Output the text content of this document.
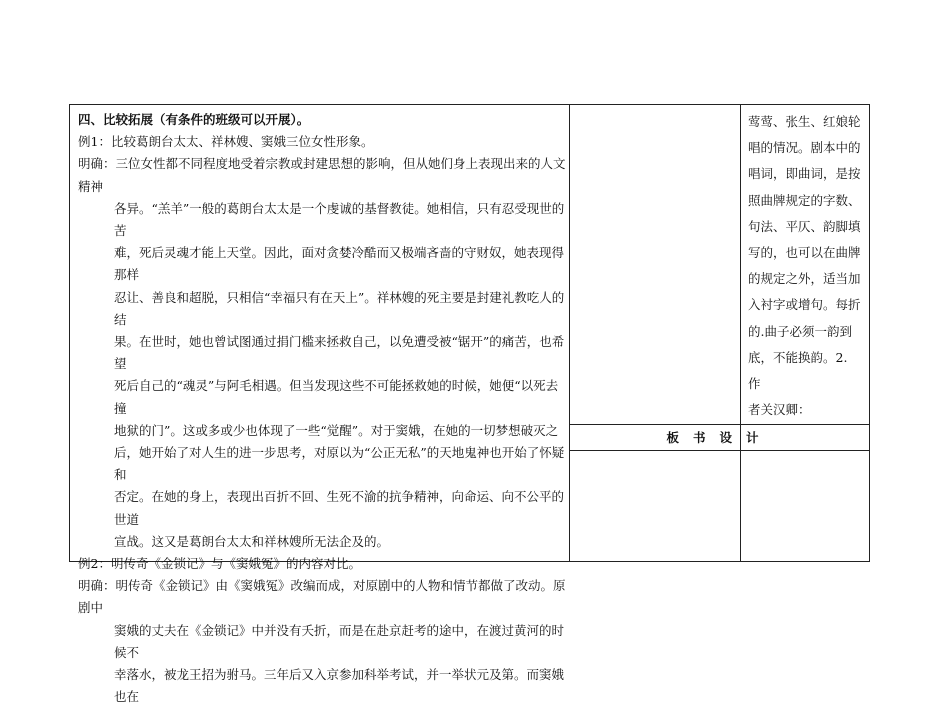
四、比较拓展（有条件的班级可以开展）。

例1：比较葛朗台太太、祥林嫂、窦娥三位女性形象。

明确：三位女性都不同程度地受着宗教或封建思想的影响，但从她们身上表现出来的人文精神

各异。“羔羊”一般的葛朗台太太是一个虔诚的基督教徒。她相信，只有忍受现世的苦

难，死后灵魂才能上天堂。因此，面对贪婪冷酷而又极端吝啬的守财奴，她表现得那样

忍让、善良和超脱，只相信“幸福只有在天上”。祥林嫂的死主要是封建礼教吃人的结

果。在世时，她也曾试图通过捐门槛来拯救自己，以免遭受被“锯开”的痛苦，也希望

死后自己的“魂灵”与阿毛相遇。但当发现这些不可能拯救她的时候，她便“以死去撞

地狱的门”。这或多或少也体现了一些“觉醒”。对于窦娥，在她的一切梦想破灭之

后，她开始了对人生的进一步思考，对原以为“公正无私”的天地鬼神也开始了怀疑和

否定。在她的身上，表现出百折不回、生死不渝的抗争精神，向命运、向不公平的世道

宣战。这又是葛朗台太太和祥林嫂所无法企及的。

例2：明传奇《金锁记》与《窦娥冤》的内容对比。

明确：明传奇《金锁记》由《窦娥冤》改编而成，对原剧中的人物和情节都做了改动。原剧中

窦娥的丈夫在《金锁记》中并没有夭折，而是在赴京赶考的途中，在渡过黄河的时候不

幸落水，被龙王招为驸马。三年后又入京参加科举考试，并一举状元及第。而窦娥也在

莺莺、张生、红娘轮

唱的情况。剧本中的

唱词，即曲词，是按

照曲牌规定的字数、

句法、平仄、韵脚填

写的，也可以在曲牌

的规定之外，适当加

入衬字或增句。每折

的.曲子必须一韵到

底，不能换韵。2. 作

者关汉卿：

板书设计
